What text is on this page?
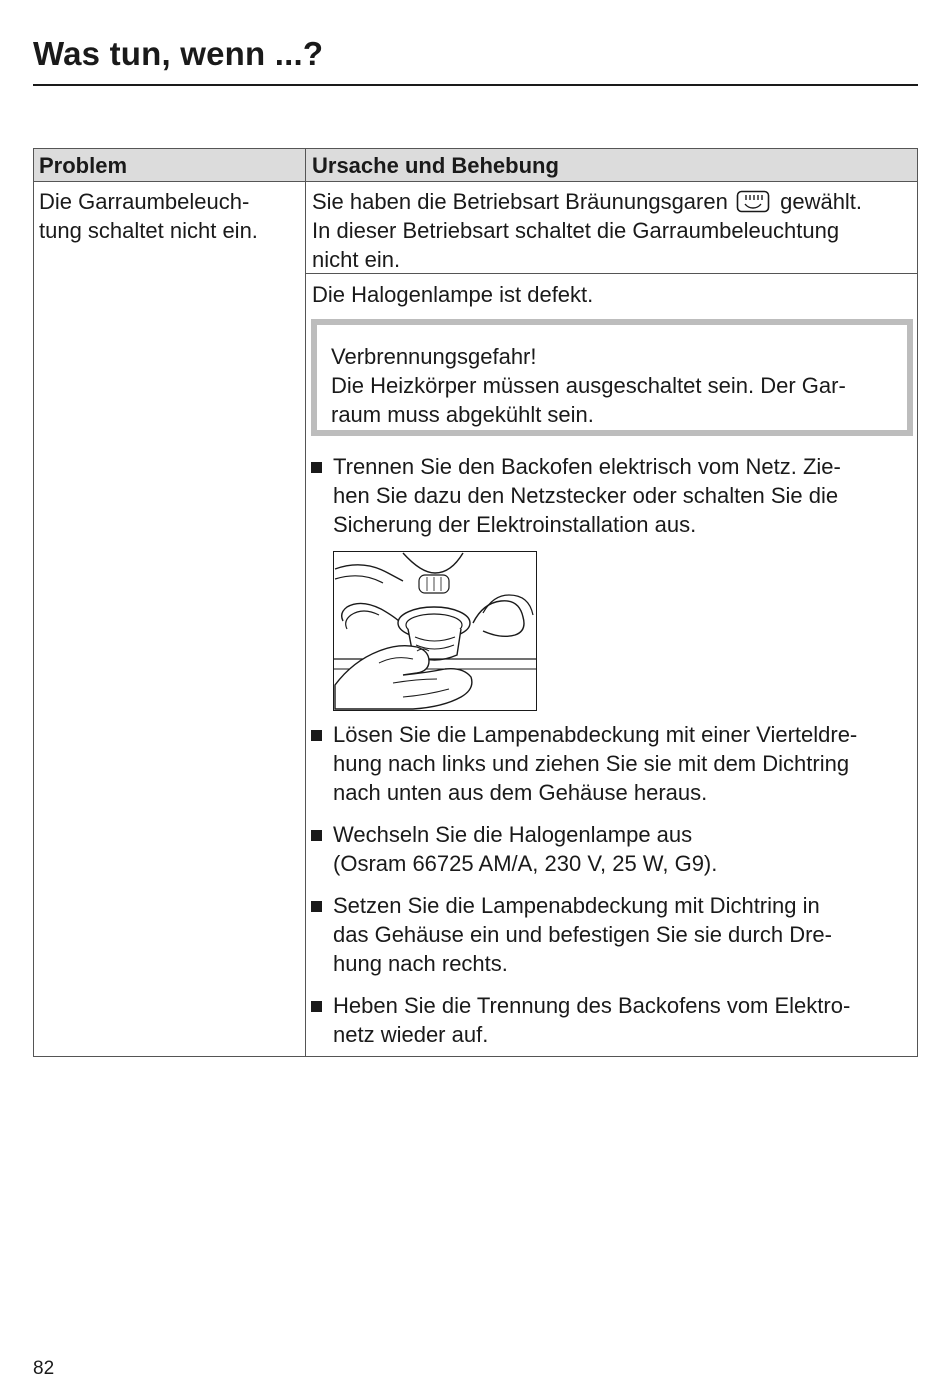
Was tun, wenn ...?
Problem	Ursache und Behebung
Die Garraumbeleuch-
tung schaltet nicht ein.
Sie haben die Betriebsart Bräunungsgaren gewählt.
In dieser Betriebsart schaltet die Garraumbeleuchtung
nicht ein.
Die Halogenlampe ist defekt.
Verbrennungsgefahr!
Die Heizkörper müssen ausgeschaltet sein. Der Gar-
raum muss abgekühlt sein.
Trennen Sie den Backofen elektrisch vom Netz. Zie-
hen Sie dazu den Netzstecker oder schalten Sie die
Sicherung der Elektroinstallation aus.
Lösen Sie die Lampenabdeckung mit einer Vierteldre-
hung nach links und ziehen Sie sie mit dem Dichtring
nach unten aus dem Gehäuse heraus.
Wechseln Sie die Halogenlampe aus
(Osram 66725 AM/A, 230 V, 25 W, G9).
Setzen Sie die Lampenabdeckung mit Dichtring in
das Gehäuse ein und befestigen Sie sie durch Dre-
hung nach rechts.
Heben Sie die Trennung des Backofens vom Elektro-
netz wieder auf.
82
